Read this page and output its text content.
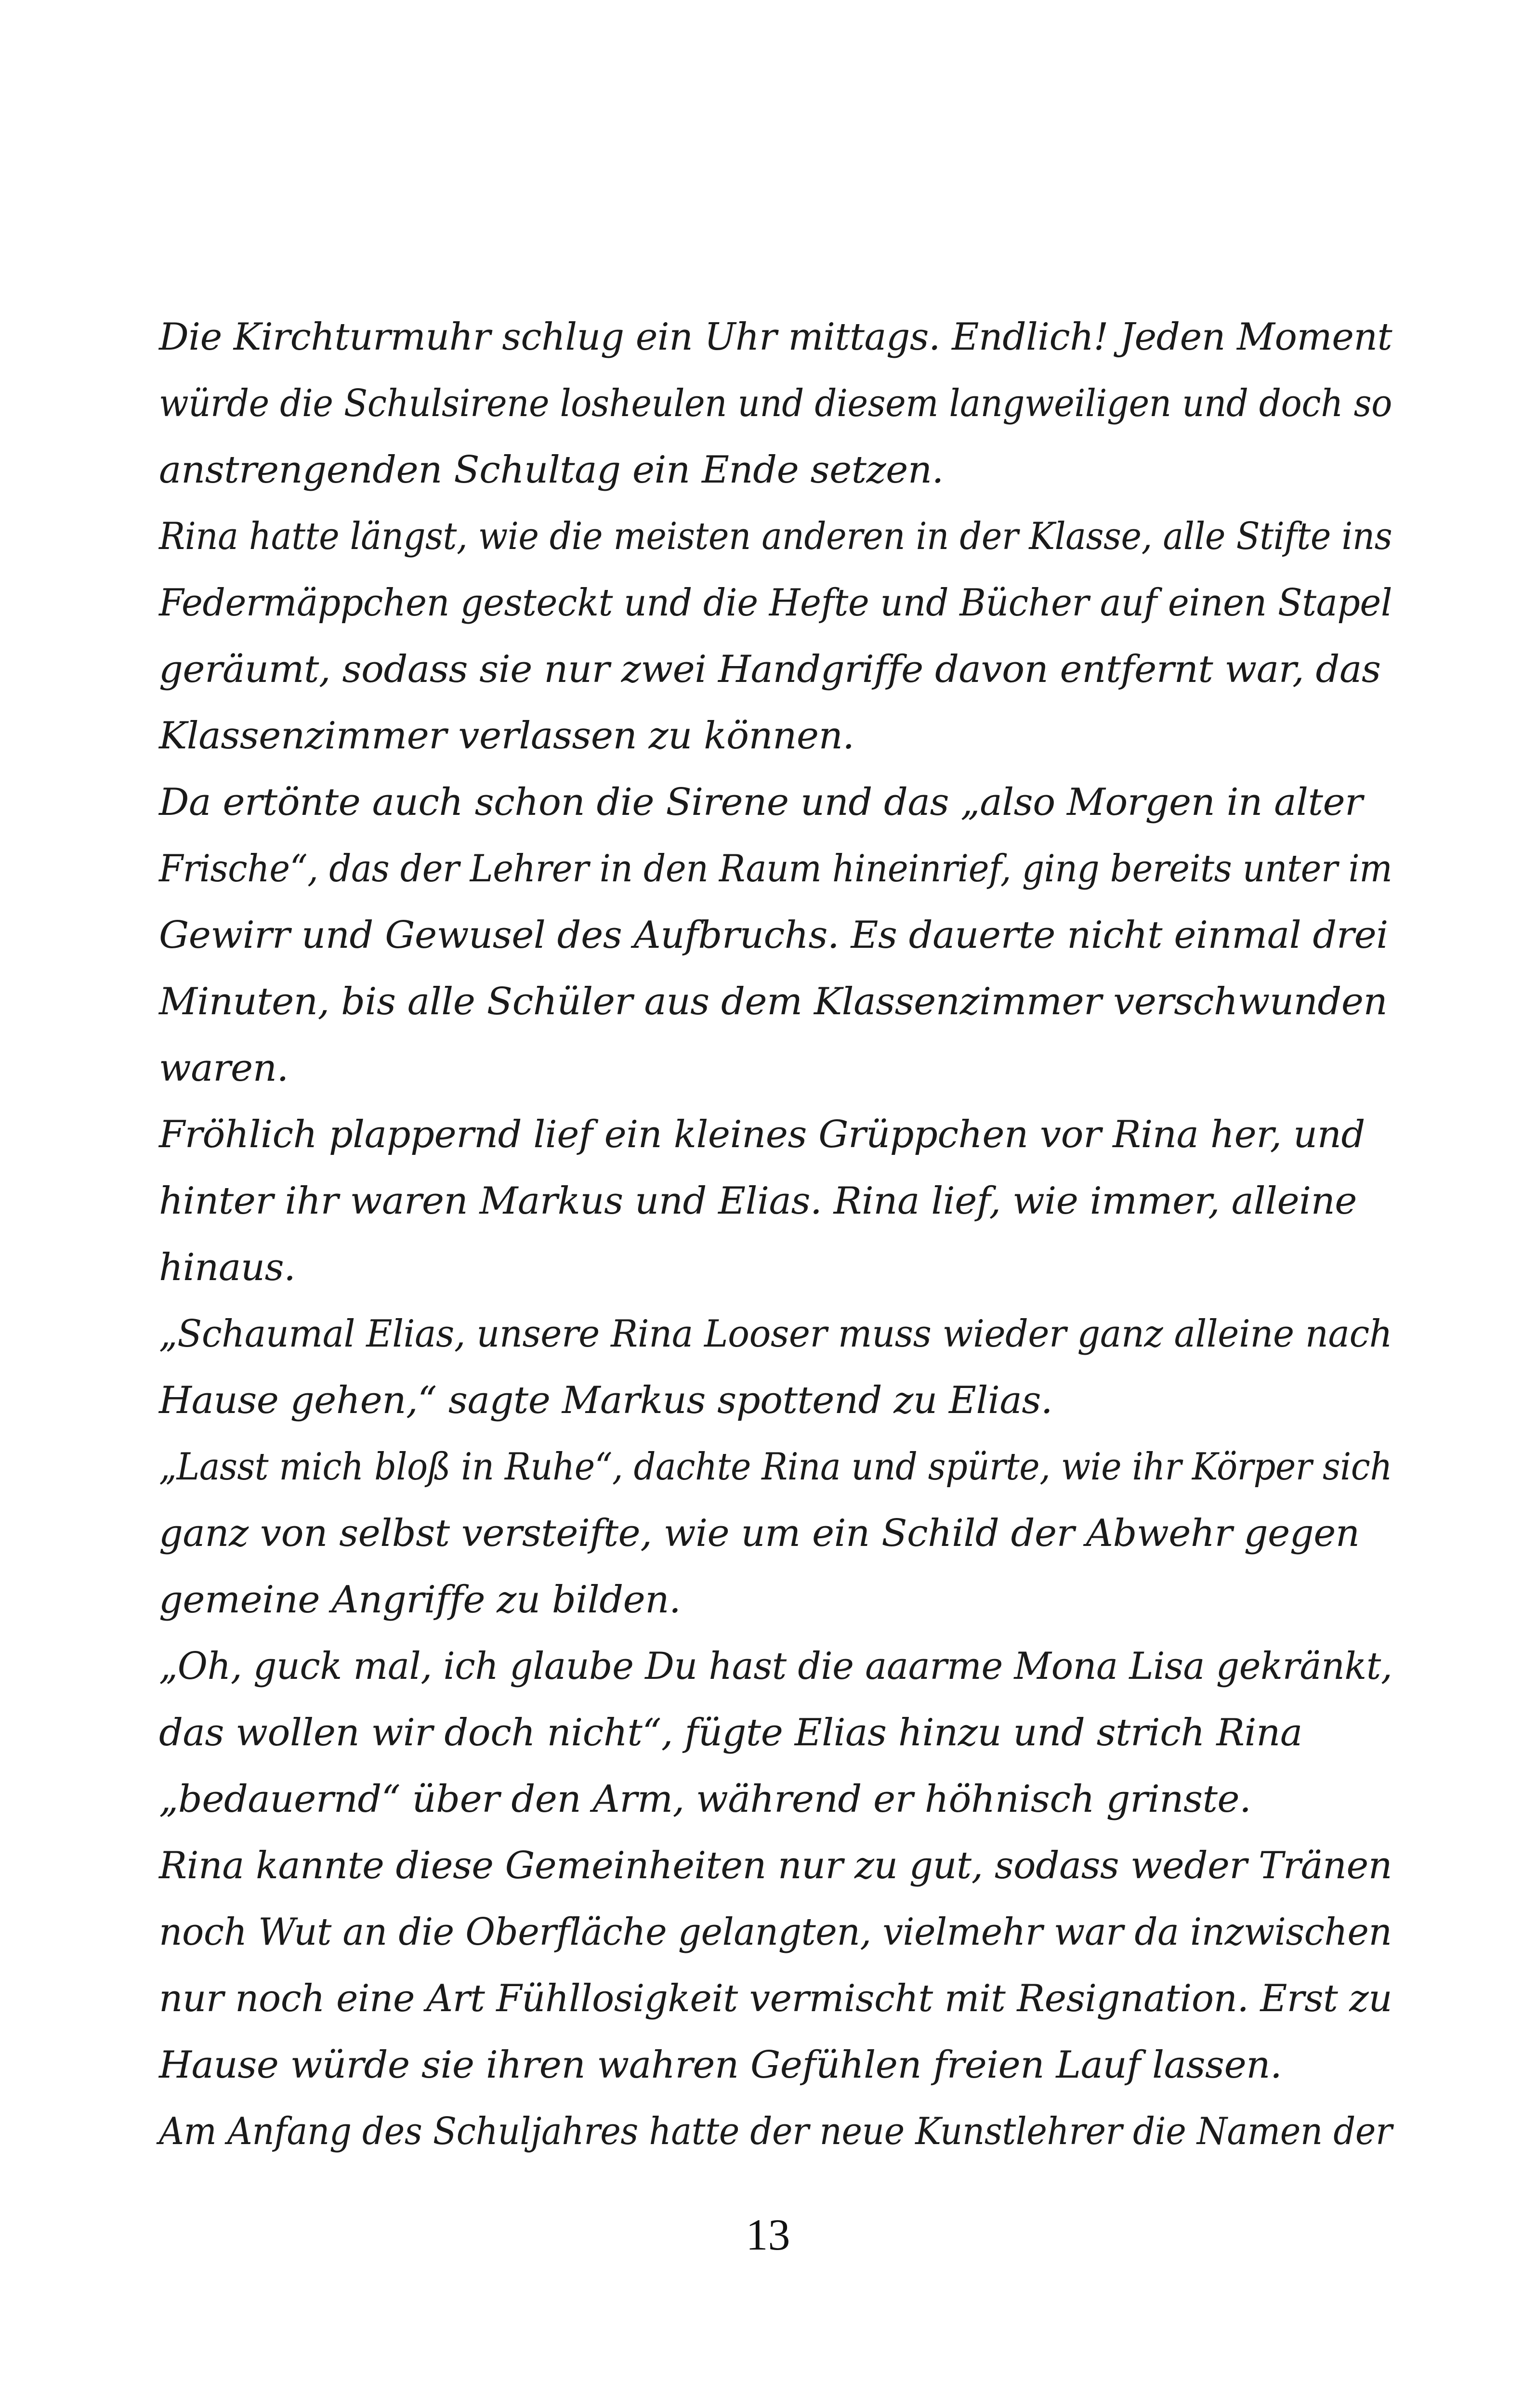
Die Kirchturmuhr schlug ein Uhr mittags. Endlich! Jeden Moment
würde die Schulsirene losheulen und diesem langweiligen und doch so
anstrengenden Schultag ein Ende setzen.
Rina hatte längst, wie die meisten anderen in der Klasse, alle Stifte ins
Federmäppchen gesteckt und die Hefte und Bücher auf einen Stapel
geräumt, sodass sie nur zwei Handgriffe davon entfernt war, das
Klassenzimmer verlassen zu können.
Da ertönte auch schon die Sirene und das „also Morgen in alter
Frische“, das der Lehrer in den Raum hineinrief, ging bereits unter im
Gewirr und Gewusel des Aufbruchs. Es dauerte nicht einmal drei
Minuten, bis alle Schüler aus dem Klassenzimmer verschwunden
waren.
Fröhlich plappernd lief ein kleines Grüppchen vor Rina her, und
hinter ihr waren Markus und Elias. Rina lief, wie immer, alleine
hinaus.
„Schaumal Elias, unsere Rina Looser muss wieder ganz alleine nach
Hause gehen,“ sagte Markus spottend zu Elias.
„Lasst mich bloß in Ruhe“, dachte Rina und spürte, wie ihr Körper sich
ganz von selbst versteifte, wie um ein Schild der Abwehr gegen
gemeine Angriffe zu bilden.
„Oh, guck mal, ich glaube Du hast die aaarme Mona Lisa gekränkt,
das wollen wir doch nicht“, fügte Elias hinzu und strich Rina
„bedauernd“ über den Arm, während er höhnisch grinste.
Rina kannte diese Gemeinheiten nur zu gut, sodass weder Tränen
noch Wut an die Oberfläche gelangten, vielmehr war da inzwischen
nur noch eine Art Fühllosigkeit vermischt mit Resignation. Erst zu
Hause würde sie ihren wahren Gefühlen freien Lauf lassen.
Am Anfang des Schuljahres hatte der neue Kunstlehrer die Namen der
13
